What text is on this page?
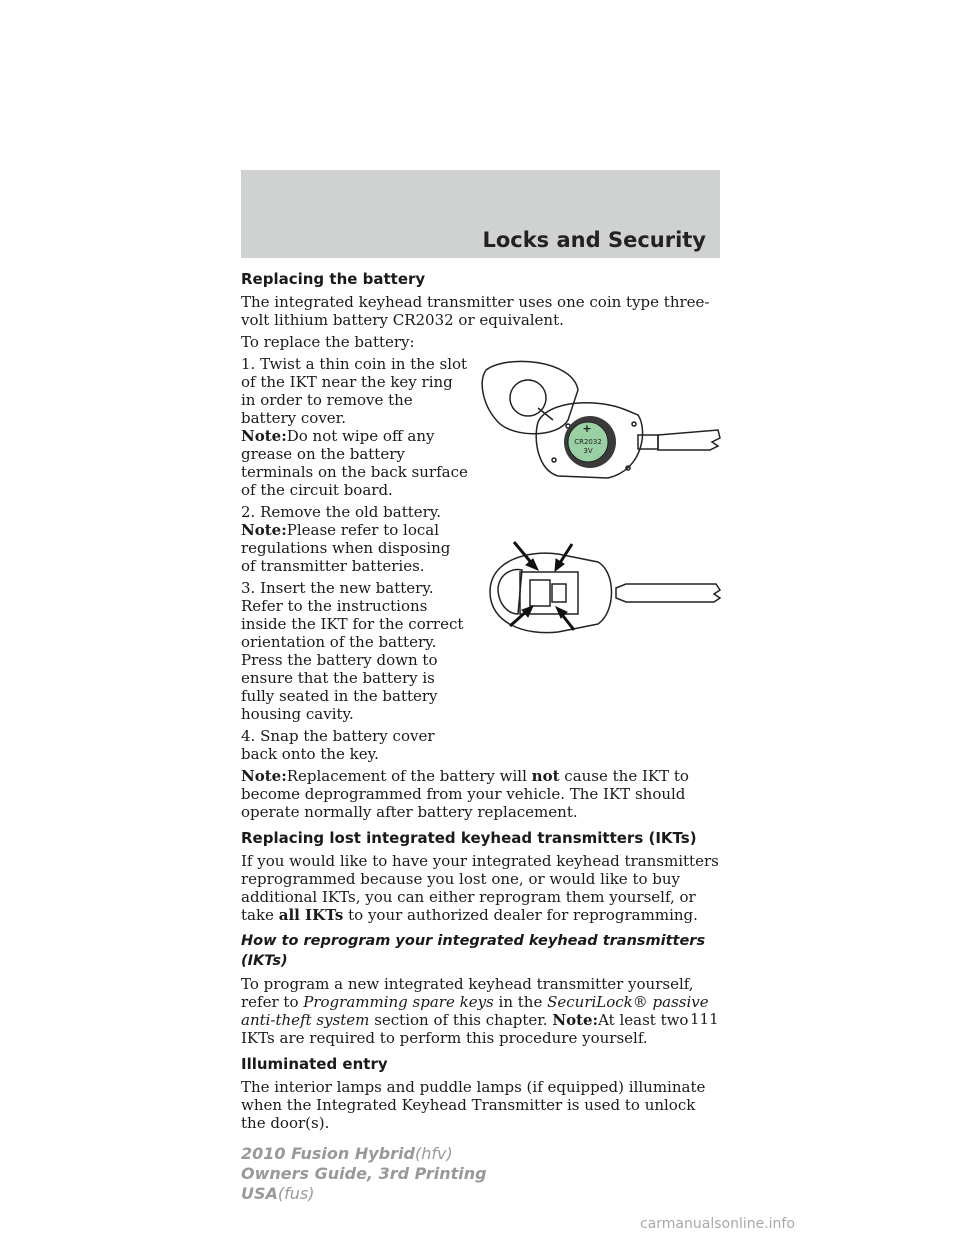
Locks and Security
Replacing the battery

The integrated keyhead transmitter uses one coin type three-volt lithium battery CR2032 or equivalent.

To replace the battery:

1. Twist a thin coin in the slot of the IKT near the key ring in order to remove the battery cover.
Note:Do not wipe off any grease on the battery terminals on the back surface of the circuit board.

2. Remove the old battery.
Note:Please refer to local regulations when disposing of transmitter batteries.

3. Insert the new battery. Refer to the instructions inside the IKT for the correct orientation of the battery. Press the battery down to ensure that the battery is fully seated in the battery housing cavity.

4. Snap the battery cover back onto the key.

Note:Replacement of the battery will not cause the IKT to become deprogrammed from your vehicle. The IKT should operate normally after battery replacement.

Replacing lost integrated keyhead transmitters (IKTs)

If you would like to have your integrated keyhead transmitters reprogrammed because you lost one, or would like to buy additional IKTs, you can either reprogram them yourself, or take all IKTs to your authorized dealer for reprogramming.

How to reprogram your integrated keyhead transmitters (IKTs)

To program a new integrated keyhead transmitter yourself, refer to Programming spare keys in the SecuriLock® passive anti-theft system section of this chapter. Note:At least two IKTs are required to perform this procedure yourself.

Illuminated entry

The interior lamps and puddle lamps (if equipped) illuminate when the Integrated Keyhead Transmitter is used to unlock the door(s).

+
CR2032
3V
111
2010 Fusion Hybrid(hfv)
Owners Guide, 3rd Printing
USA(fus)
carmanualsonline.info
